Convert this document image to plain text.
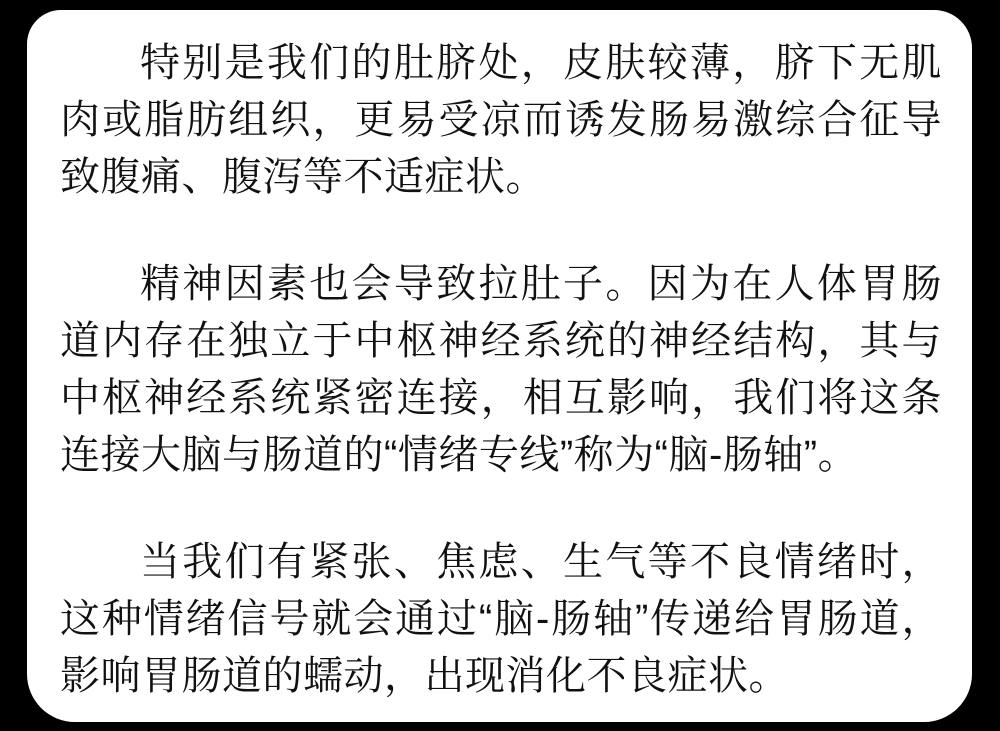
特别是我们的肚脐处，皮肤较薄，脐下无肌肉或脂肪组织，更易受凉而诱发肠易激综合征导致腹痛、腹泻等不适症状。

精神因素也会导致拉肚子。因为在人体胃肠道内存在独立于中枢神经系统的神经结构，其与中枢神经系统紧密连接，相互影响，我们将这条连接大脑与肠道的“情绪专线”称为“脑-肠轴”。

当我们有紧张、焦虑、生气等不良情绪时，这种情绪信号就会通过“脑-肠轴”传递给胃肠道，影响胃肠道的蠕动，出现消化不良症状。
